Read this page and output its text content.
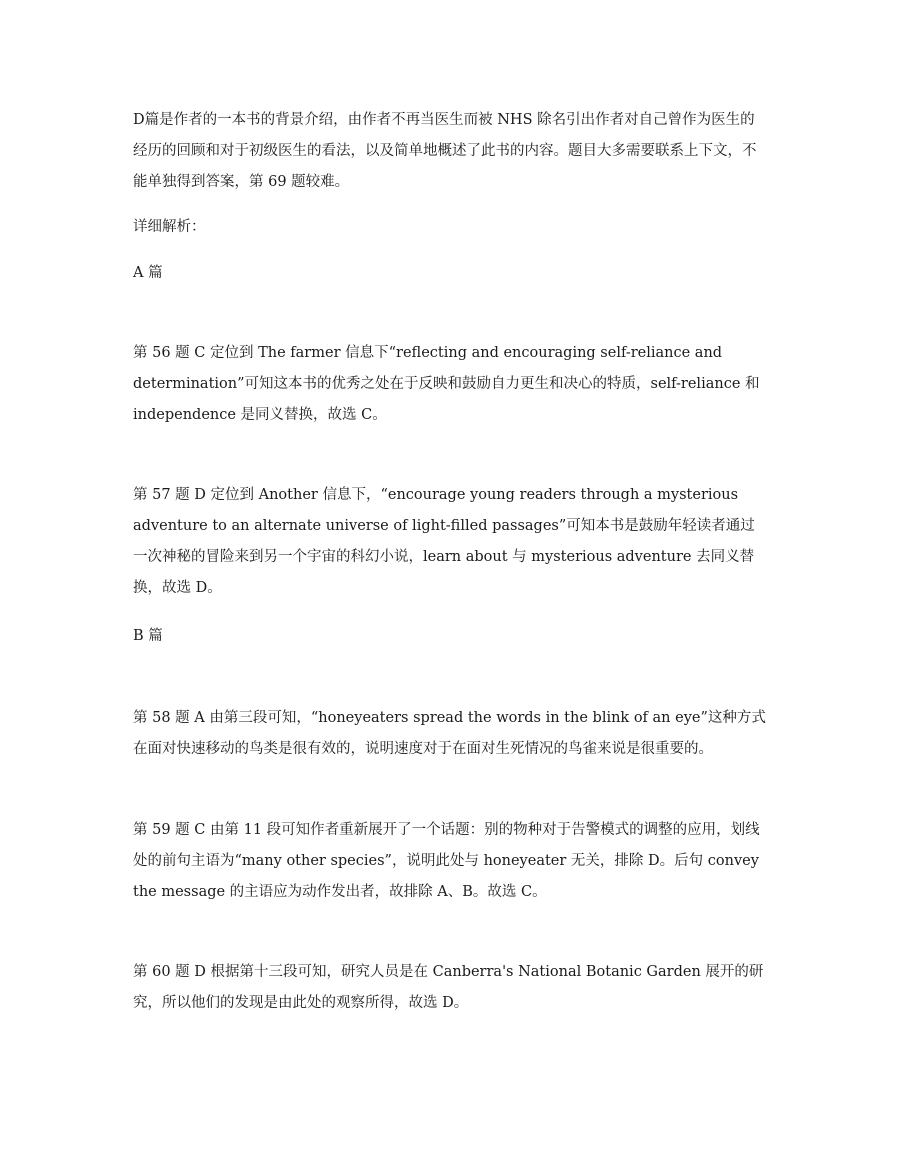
D篇是作者的一本书的背景介绍，由作者不再当医生而被 NHS 除名引出作者对自己曾作为医生的经历的回顾和对于初级医生的看法，以及简单地概述了此书的内容。题目大多需要联系上下文，不能单独得到答案，第 69 题较难。

详细解析：

A 篇

第 56 题 C 定位到 The farmer 信息下“reflecting and encouraging self-reliance and determination”可知这本书的优秀之处在于反映和鼓励自力更生和决心的特质，self-reliance 和 independence 是同义替换，故选 C。

第 57 题 D 定位到 Another 信息下，“encourage young readers through a mysterious adventure to an alternate universe of light-filled passages”可知本书是鼓励年轻读者通过一次神秘的冒险来到另一个宇宙的科幻小说，learn about 与 mysterious adventure 去同义替换，故选 D。

B 篇

第 58 题 A 由第三段可知，“honeyeaters spread the words in the blink of an eye”这种方式在面对快速移动的鸟类是很有效的，说明速度对于在面对生死情况的鸟雀来说是很重要的。

第 59 题 C 由第 11 段可知作者重新展开了一个话题：别的物种对于告警模式的调整的应用，划线处的前句主语为“many other species”，说明此处与 honeyeater 无关，排除 D。后句 convey the message 的主语应为动作发出者，故排除 A、B。故选 C。

第 60 题 D 根据第十三段可知，研究人员是在 Canberra's National Botanic Garden 展开的研究，所以他们的发现是由此处的观察所得，故选 D。
